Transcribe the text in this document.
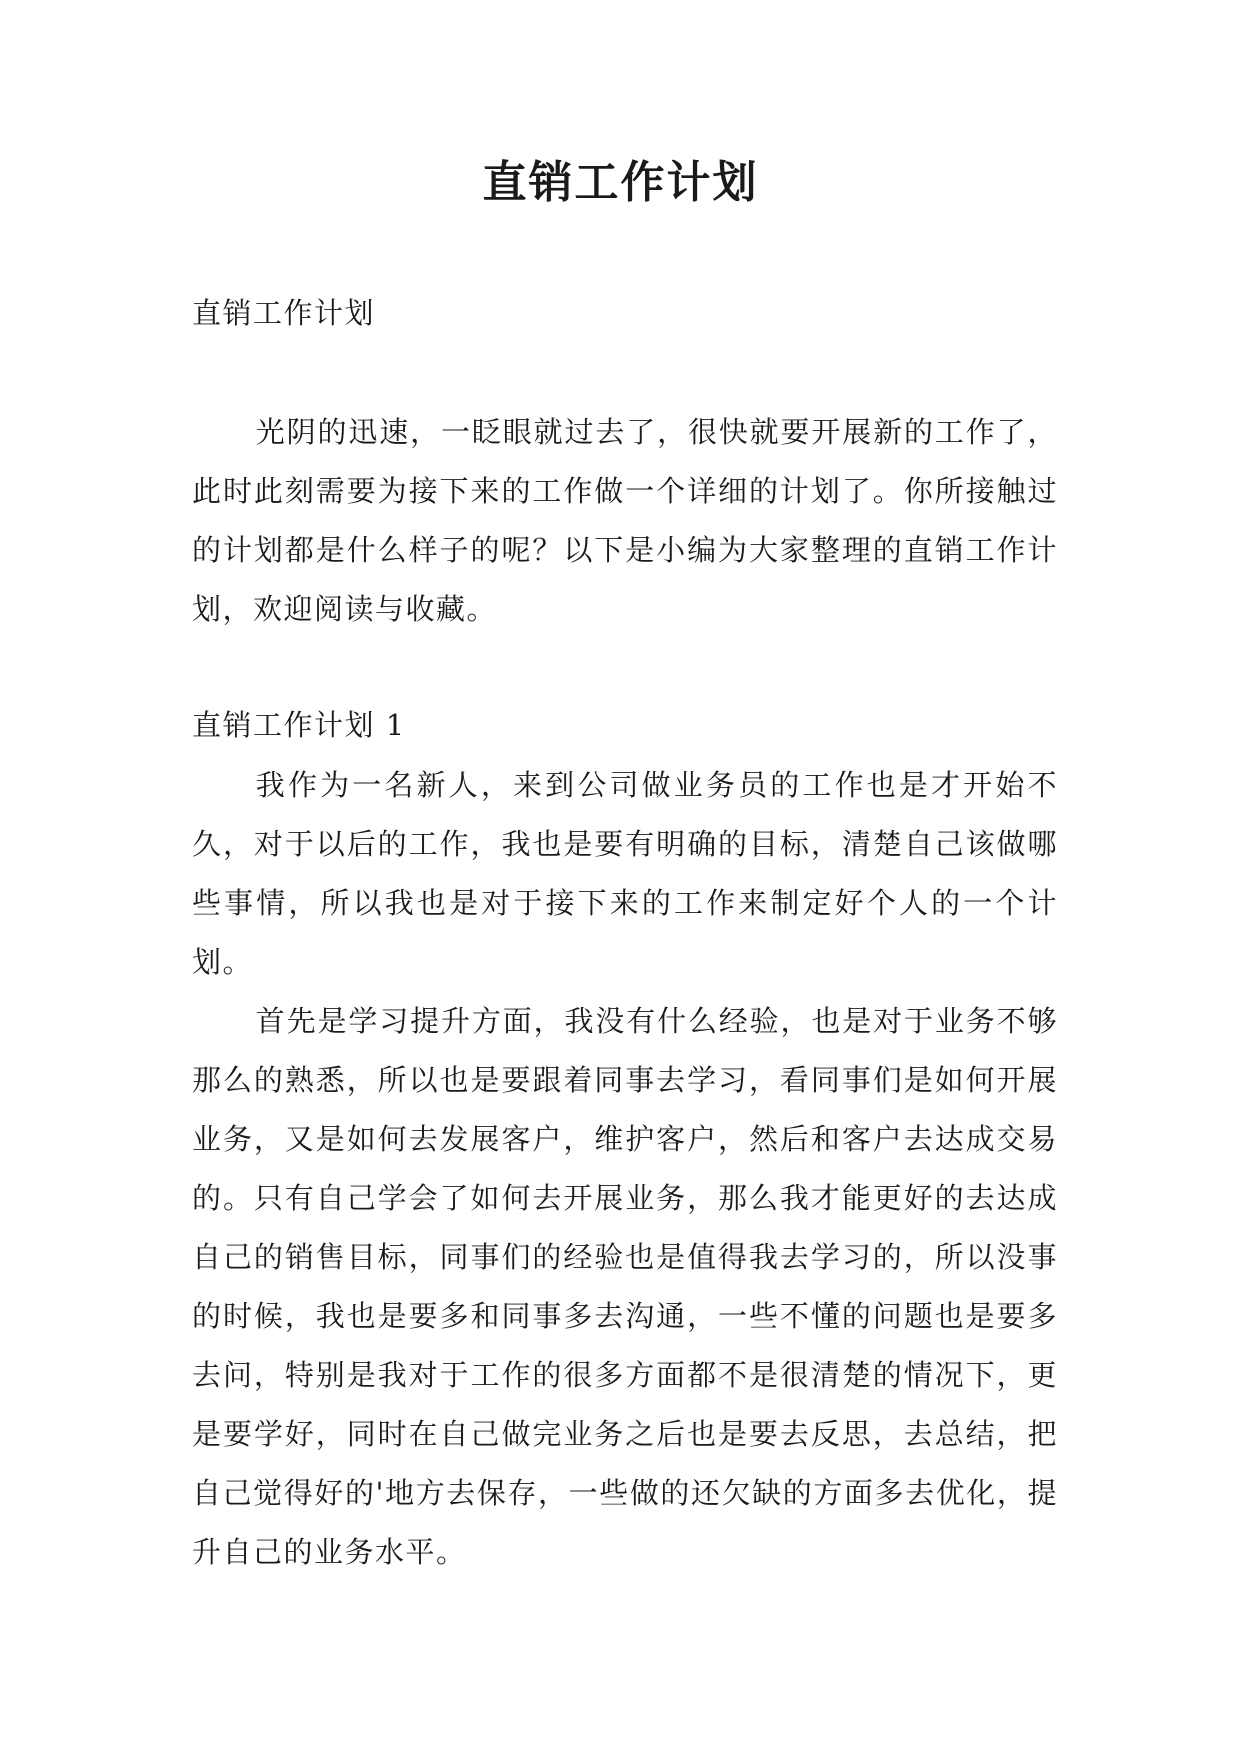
直销工作计划

直销工作计划

光阴的迅速，一眨眼就过去了，很快就要开展新的工作了，此时此刻需要为接下来的工作做一个详细的计划了。你所接触过的计划都是什么样子的呢？以下是小编为大家整理的直销工作计划，欢迎阅读与收藏。

直销工作计划 1

我作为一名新人，来到公司做业务员的工作也是才开始不久，对于以后的工作，我也是要有明确的目标，清楚自己该做哪些事情，所以我也是对于接下来的工作来制定好个人的一个计划。

首先是学习提升方面，我没有什么经验，也是对于业务不够那么的熟悉，所以也是要跟着同事去学习，看同事们是如何开展业务，又是如何去发展客户，维护客户，然后和客户去达成交易的。只有自己学会了如何去开展业务，那么我才能更好的去达成自己的销售目标，同事们的经验也是值得我去学习的，所以没事的时候，我也是要多和同事多去沟通，一些不懂的问题也是要多去问，特别是我对于工作的很多方面都不是很清楚的情况下，更是要学好，同时在自己做完业务之后也是要去反思，去总结，把自己觉得好的'地方去保存，一些做的还欠缺的方面多去优化，提升自己的业务水平。
